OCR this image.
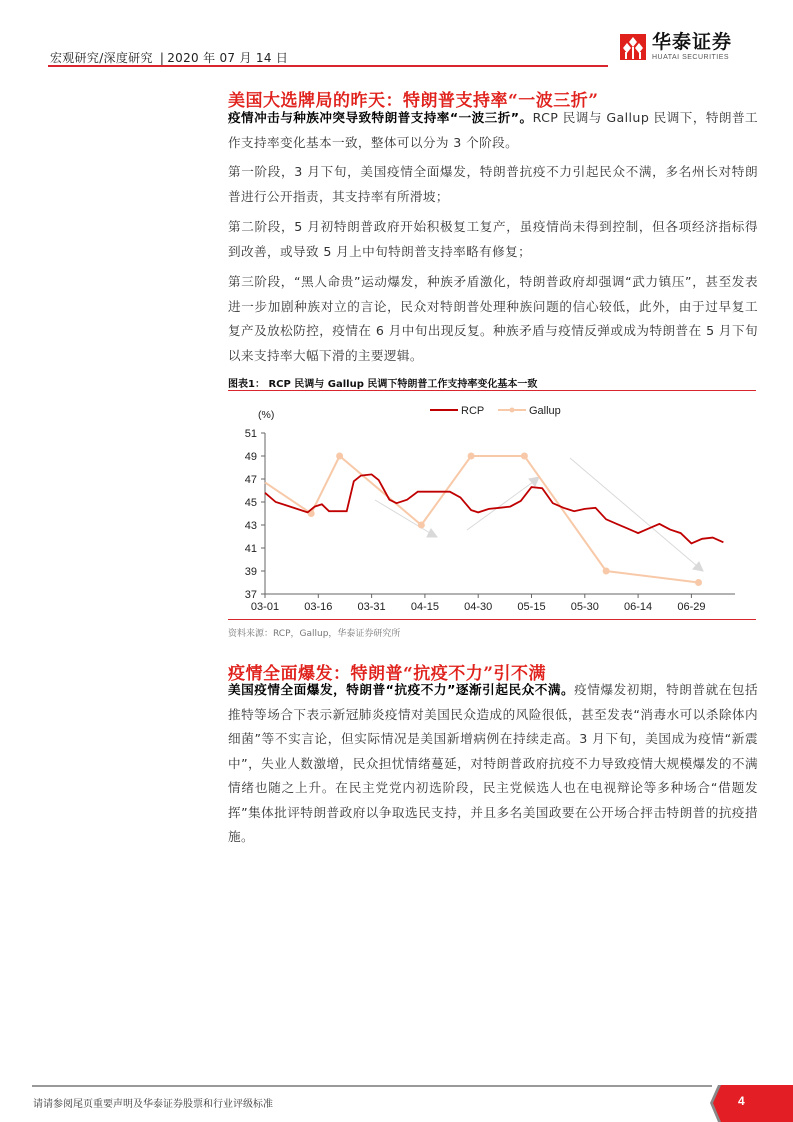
宏观研究/深度研究 | 2020 年 07 月 14 日
华泰证券
HUATAI SECURITIES
美国大选牌局的昨天：特朗普支持率“一波三折”
疫情冲击与种族冲突导致特朗普支持率“一波三折”。RCP 民调与 Gallup 民调下，特朗普工作支持率变化基本一致，整体可以分为 3 个阶段。
第一阶段，3 月下旬，美国疫情全面爆发，特朗普抗疫不力引起民众不满，多名州长对特朗普进行公开指责，其支持率有所滑坡；
第二阶段，5 月初特朗普政府开始积极复工复产，虽疫情尚未得到控制，但各项经济指标得到改善，或导致 5 月上中旬特朗普支持率略有修复；
第三阶段，“黑人命贵”运动爆发，种族矛盾激化，特朗普政府却强调“武力镇压”，甚至发表进一步加剧种族对立的言论，民众对特朗普处理种族问题的信心较低，此外，由于过早复工复产及放松防控，疫情在 6 月中旬出现反复。种族矛盾与疫情反弹或成为特朗普在 5 月下旬以来支持率大幅下滑的主要逻辑。
图表1： RCP 民调与 Gallup 民调下特朗普工作支持率变化基本一致
RCP	Gallup
(%)
37
39
41
43
45
47
49
51
03-01 03-16 03-31 04-15 04-30 05-15 05-30 06-14 06-29
资料来源：RCP，Gallup，华泰证券研究所
疫情全面爆发：特朗普“抗疫不力”引不满
美国疫情全面爆发，特朗普“抗疫不力”逐渐引起民众不满。疫情爆发初期，特朗普就在包括推特等场合下表示新冠肺炎疫情对美国民众造成的风险很低，甚至发表“消毒水可以杀除体内细菌”等不实言论，但实际情况是美国新增病例在持续走高。3 月下旬，美国成为疫情“新震中”，失业人数激增，民众担忧情绪蔓延，对特朗普政府抗疫不力导致疫情大规模爆发的不满情绪也随之上升。在民主党党内初选阶段，民主党候选人也在电视辩论等多种场合“借题发挥”集体批评特朗普政府以争取选民支持，并且多名美国政要在公开场合抨击特朗普的抗疫措施。
请请参阅尾页重要声明及华泰证券股票和行业评级标准	4
